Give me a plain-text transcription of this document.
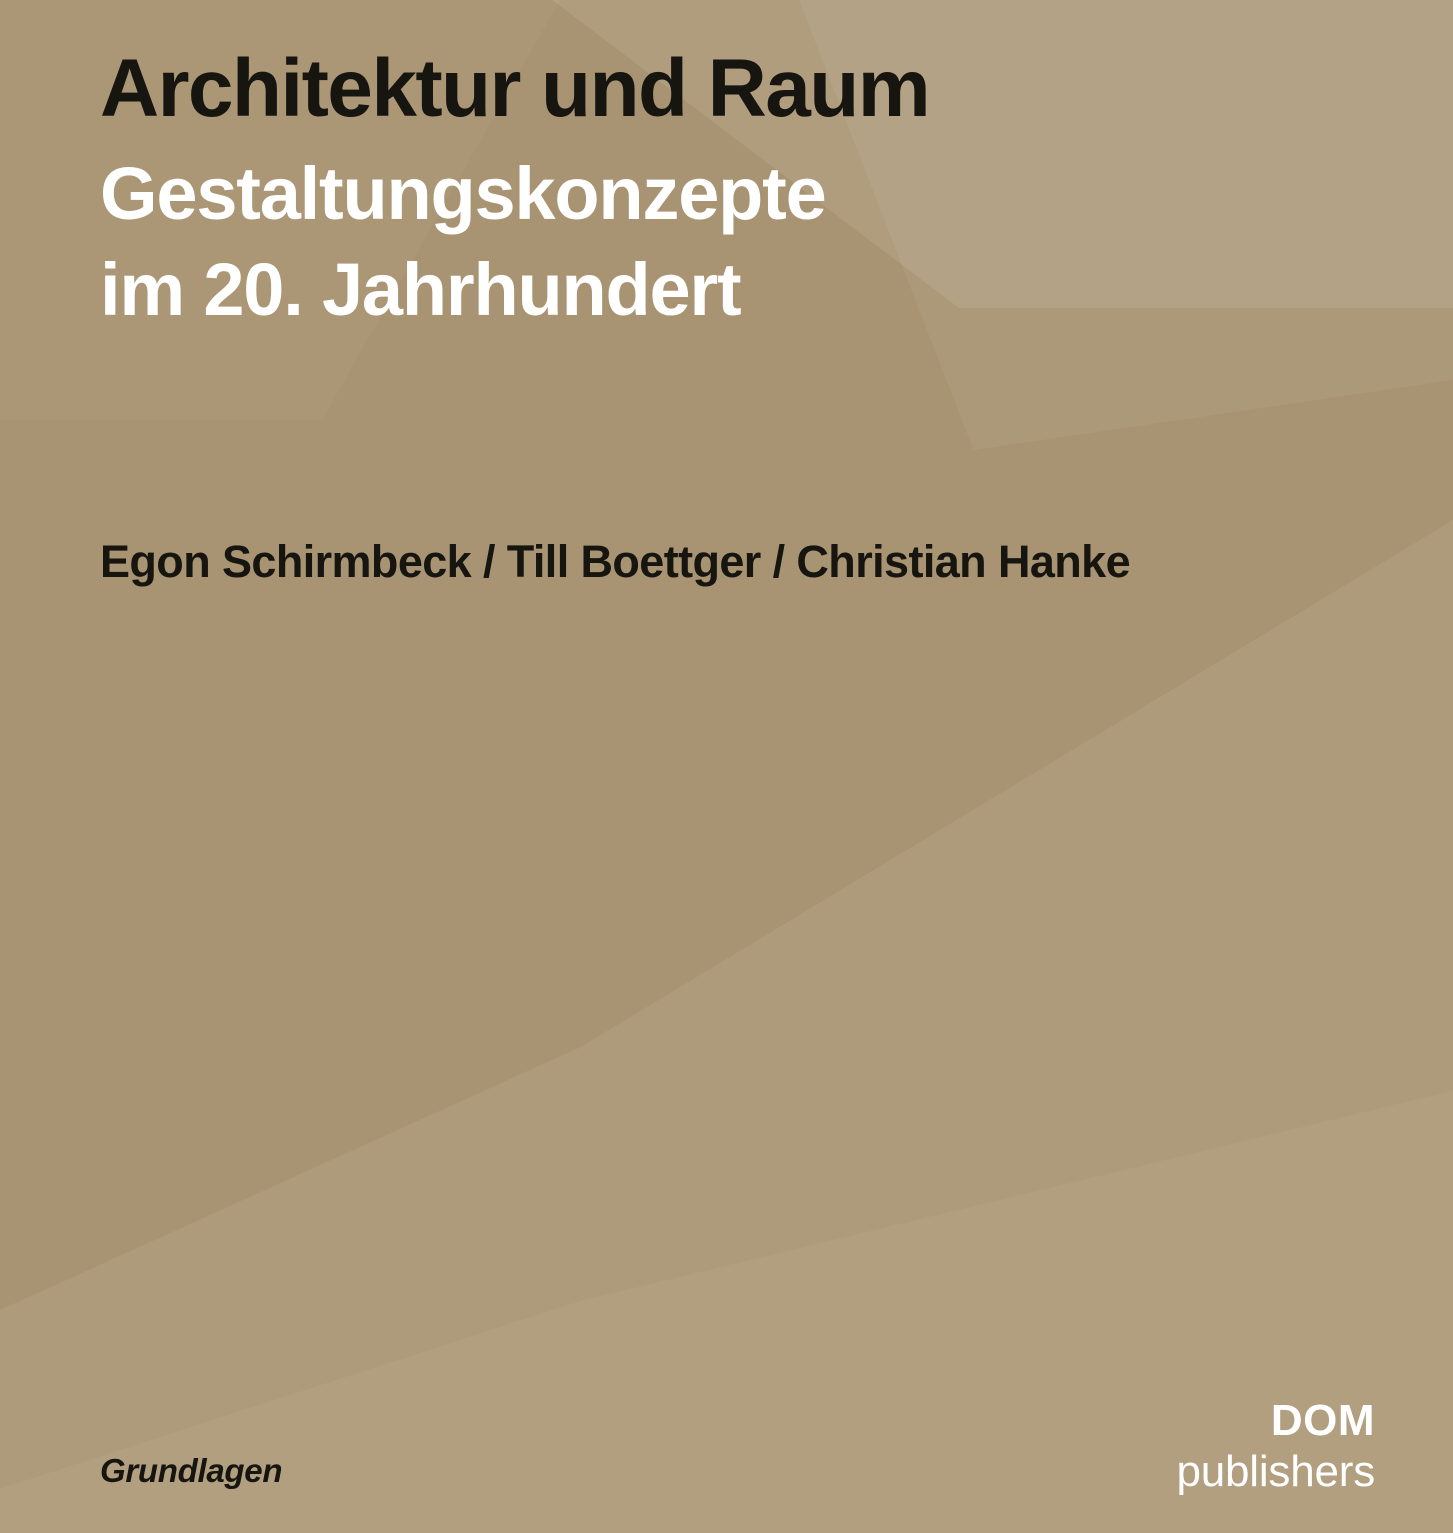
Architektur und Raum
Gestaltungskonzepte
im 20. Jahrhundert
Egon Schirmbeck / Till Boettger / Christian Hanke
Grundlagen
DOM
publishers
